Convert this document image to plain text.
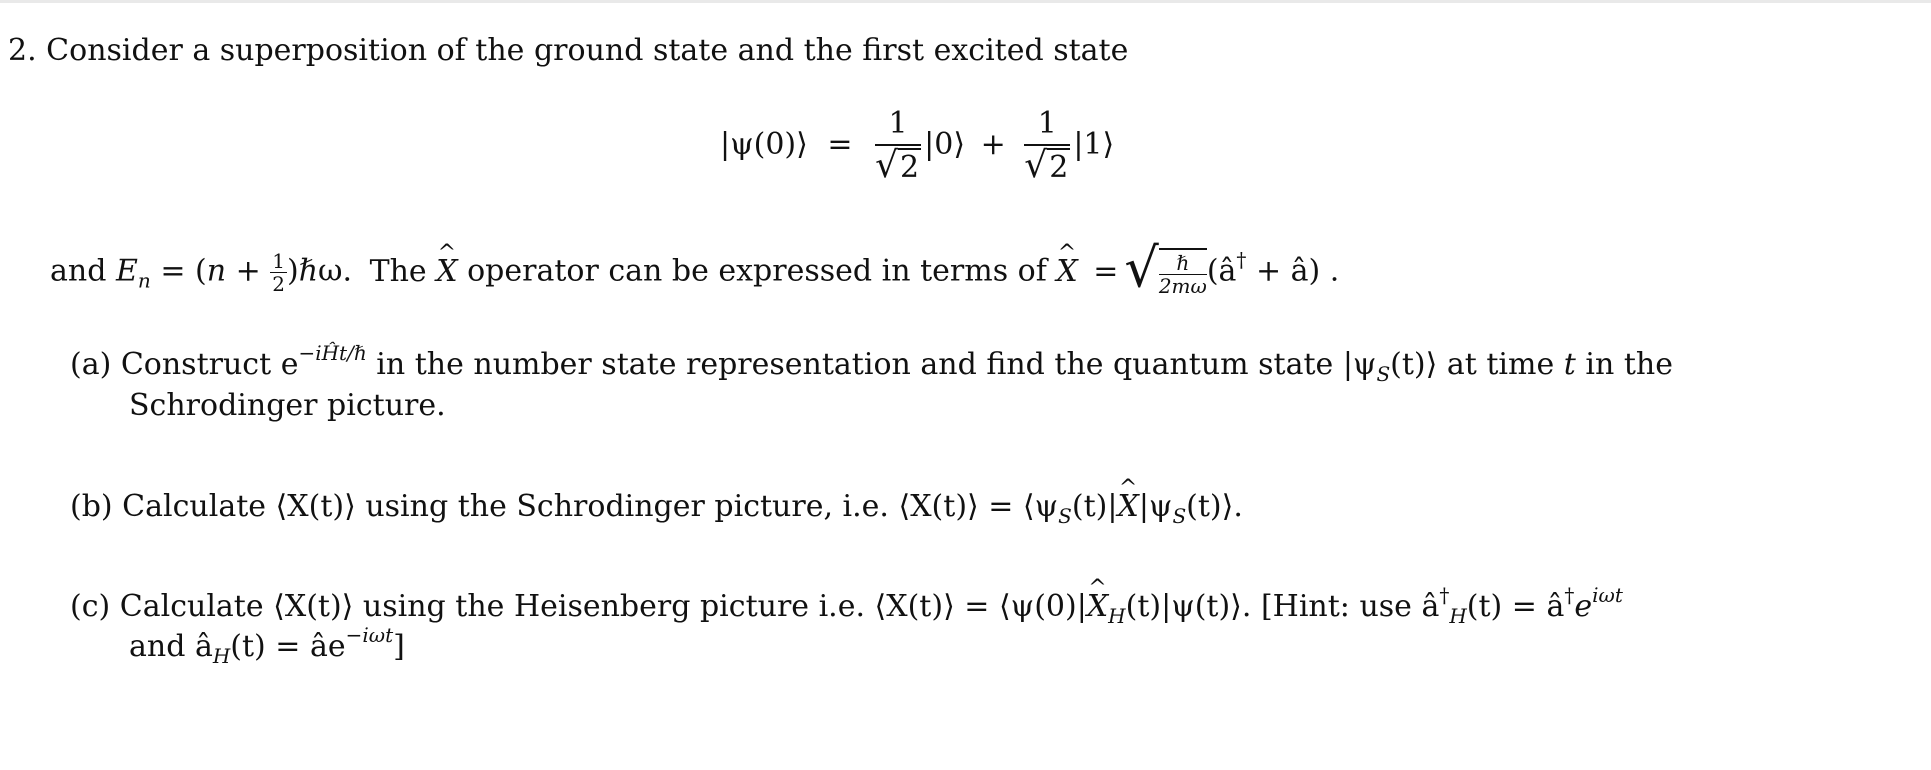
2. Consider a superposition of the ground state and the first excited state
|ψ(0)⟩ = $\frac{1}{√2}$ |0⟩ + $\frac{1}{√2}$ |1⟩
and $E_n = (n + \frac{1}{2}$ )ℏω. The X ^ operator can be expressed in terms of X ^ = √ $\frac{\text{ℏ}}{2m\omega}$ (â† + â) .
(a) Construct $e^{-iĤt/\hbar}$ in the number state representation and find the quantum state $|\psi_S(t)⟩$ at time t in the
Schrodinger picture.
(b) Calculate ⟨X(t)⟩ using the Schrodinger picture, i.e. ⟨X(t)⟩ = $⟨\psi_S(t)|X$ $\^{}|\psi_S(t)⟩$.
(c) Calculate ⟨X(t)⟩ using the Heisenberg picture i.e. ⟨X(t)⟩ = ⟨ψ(0)|X $\^{}_H(t)|\psi(t)⟩$. [Hint: use $â^\dagger_H(t)$ = $â^\dagger e^{i\omega t}$
and $â_H(t)$ = $âe^{-i\omega t}$]
